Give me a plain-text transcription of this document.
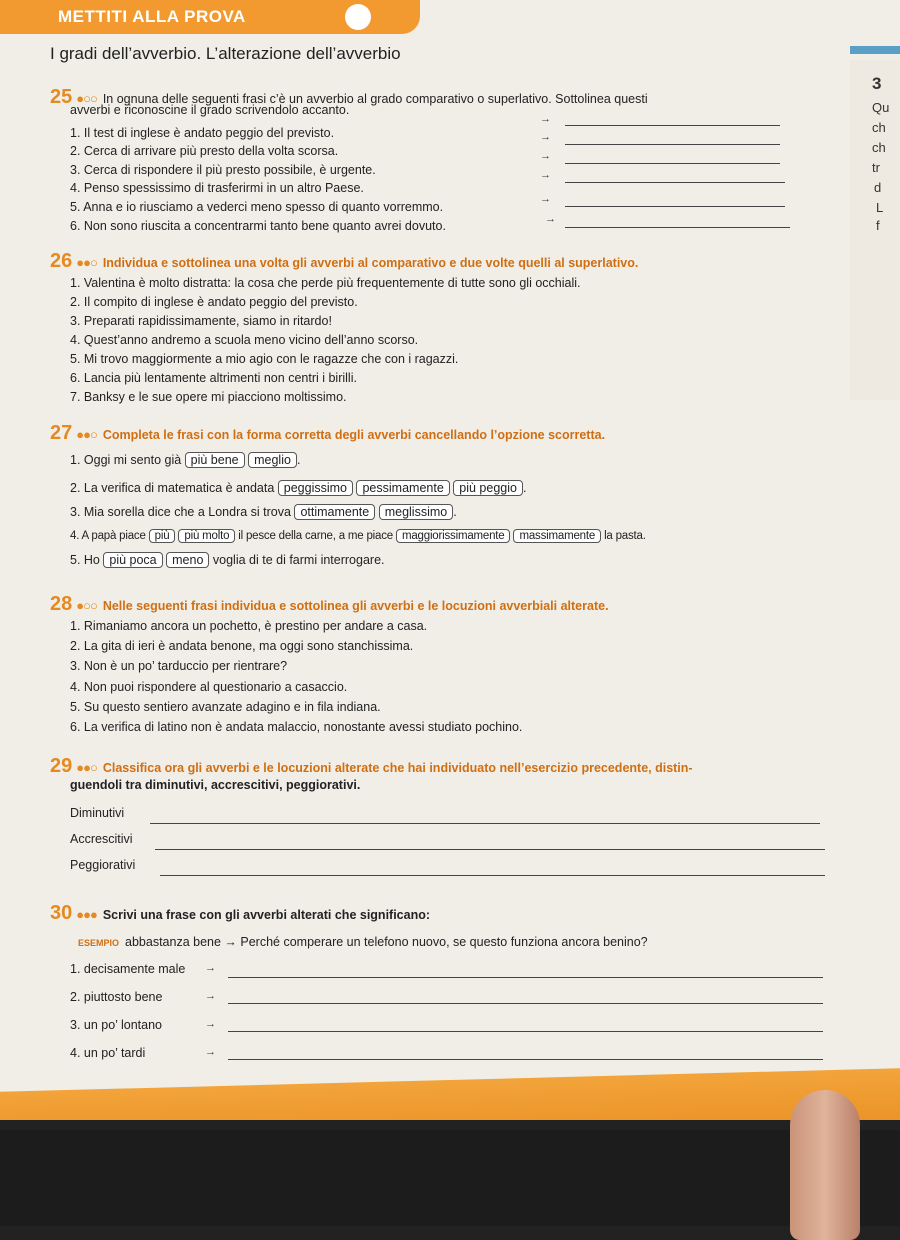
3
Qu
ch
ch
tr
d
L
f
METTITI ALLA PROVA
I gradi dell’avverbio. L’alterazione dell’avverbio
25 ●○○ In ognuna delle seguenti frasi c’è un avverbio al grado comparativo o superlativo. Sottolinea questi
avverbi e riconoscine il grado scrivendolo accanto.
1. Il test di inglese è andato peggio del previsto.
2. Cerca di arrivare più presto della volta scorsa.
3. Cerca di rispondere il più presto possibile, è urgente.
4. Penso spessissimo di trasferirmi in un altro Paese.
5. Anna e io riusciamo a vederci meno spesso di quanto vorremmo.
6. Non sono riuscita a concentrarmi tanto bene quanto avrei dovuto.
→
→
→
→
→
→
26 ●●○ Individua e sottolinea una volta gli avverbi al comparativo e due volte quelli al superlativo.
1. Valentina è molto distratta: la cosa che perde più frequentemente di tutte sono gli occhiali.
2. Il compito di inglese è andato peggio del previsto.
3. Preparati rapidissimamente, siamo in ritardo!
4. Quest’anno andremo a scuola meno vicino dell’anno scorso.
5. Mi trovo maggiormente a mio agio con le ragazze che con i ragazzi.
6. Lancia più lentamente altrimenti non centri i birilli.
7. Banksy e le sue opere mi piacciono moltissimo.
27 ●●○ Completa le frasi con la forma corretta degli avverbi cancellando l’opzione scorretta.
1. Oggi mi sento già più bene meglio .
2. La verifica di matematica è andata peggissimo pessimamente più peggio .
3. Mia sorella dice che a Londra si trova ottimamente meglissimo .
4. A papà piace più più molto il pesce della carne, a me piace maggiorissimamente massimamente la pasta.
5. Ho più poca meno voglia di te di farmi interrogare.
28 ●○○ Nelle seguenti frasi individua e sottolinea gli avverbi e le locuzioni avverbiali alterate.
1. Rimaniamo ancora un pochetto, è prestino per andare a casa.
2. La gita di ieri è andata benone, ma oggi sono stanchissima.
3. Non è un po’ tarduccio per rientrare?
4. Non puoi rispondere al questionario a casaccio.
5. Su questo sentiero avanzate adagino e in fila indiana.
6. La verifica di latino non è andata malaccio, nonostante avessi studiato pochino.
29 ●●○ Classifica ora gli avverbi e le locuzioni alterate che hai individuato nell’esercizio precedente, distin-
guendoli tra diminutivi, accrescitivi, peggiorativi.
Diminutivi
Accrescitivi
Peggiorativi
30 ●●● Scrivi una frase con gli avverbi alterati che significano:
ESEMPIO abbastanza bene → Perché comperare un telefono nuovo, se questo funziona ancora benino?
1. decisamente male
2. piuttosto bene
3. un po’ lontano
4. un po’ tardi
→
→
→
→
